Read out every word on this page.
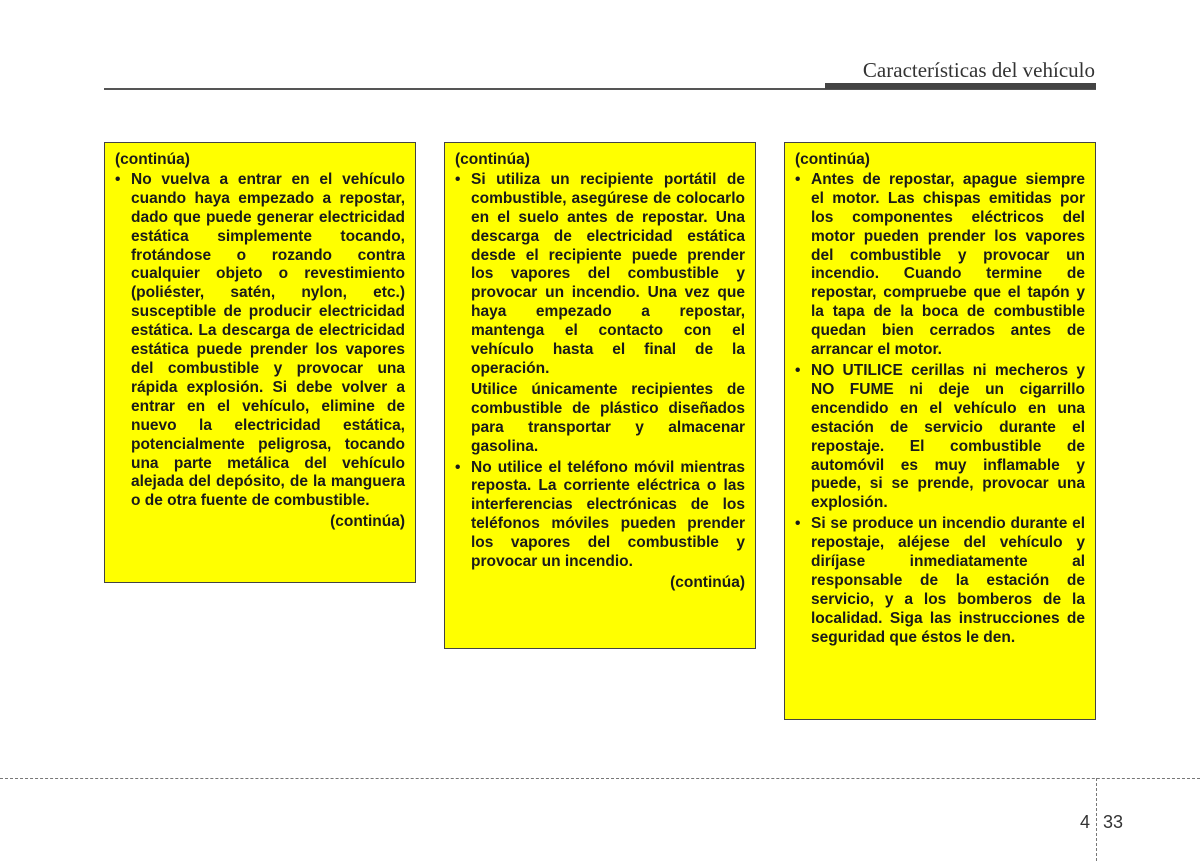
Características del vehículo
(continúa)
• No vuelva a entrar en el vehículo cuando haya empezado a repostar, dado que puede generar electricidad estática simplemente tocando, frotándose o rozando contra cualquier objeto o revestimiento (poliéster, satén, nylon, etc.) susceptible de producir electricidad estática. La descarga de electricidad estática puede prender los vapores del combustible y provocar una rápida explosión. Si debe volver a entrar en el vehículo, elimine de nuevo la electricidad estática, potencialmente peligrosa, tocando una parte metálica del vehículo alejada del depósito, de la manguera o de otra fuente de combustible.

(continúa)
(continúa)
• Si utiliza un recipiente portátil de combustible, asegúrese de colocarlo en el suelo antes de repostar. Una descarga de electricidad estática desde el recipiente puede prender los vapores del combustible y provocar un incendio. Una vez que haya empezado a repostar, mantenga el contacto con el vehículo hasta el final de la operación.

Utilice únicamente recipientes de combustible de plástico diseñados para transportar y almacenar gasolina.

• No utilice el teléfono móvil mientras reposta. La corriente eléctrica o las interferencias electrónicas de los teléfonos móviles pueden prender los vapores del combustible y provocar un incendio.

(continúa)
(continúa)
• Antes de repostar, apague siempre el motor. Las chispas emitidas por los componentes eléctricos del motor pueden prender los vapores del combustible y provocar un incendio. Cuando termine de repostar, compruebe que el tapón y la tapa de la boca de combustible quedan bien cerrados antes de arrancar el motor.

• NO UTILICE cerillas ni mecheros y NO FUME ni deje un cigarrillo encendido en el vehículo en una estación de servicio durante el repostaje. El combustible de automóvil es muy inflamable y puede, si se prende, provocar una explosión.

• Si se produce un incendio durante el repostaje, aléjese del vehículo y diríjase inmediatamente al responsable de la estación de servicio, y a los bomberos de la localidad. Siga las instrucciones de seguridad que éstos le den.

4 33
